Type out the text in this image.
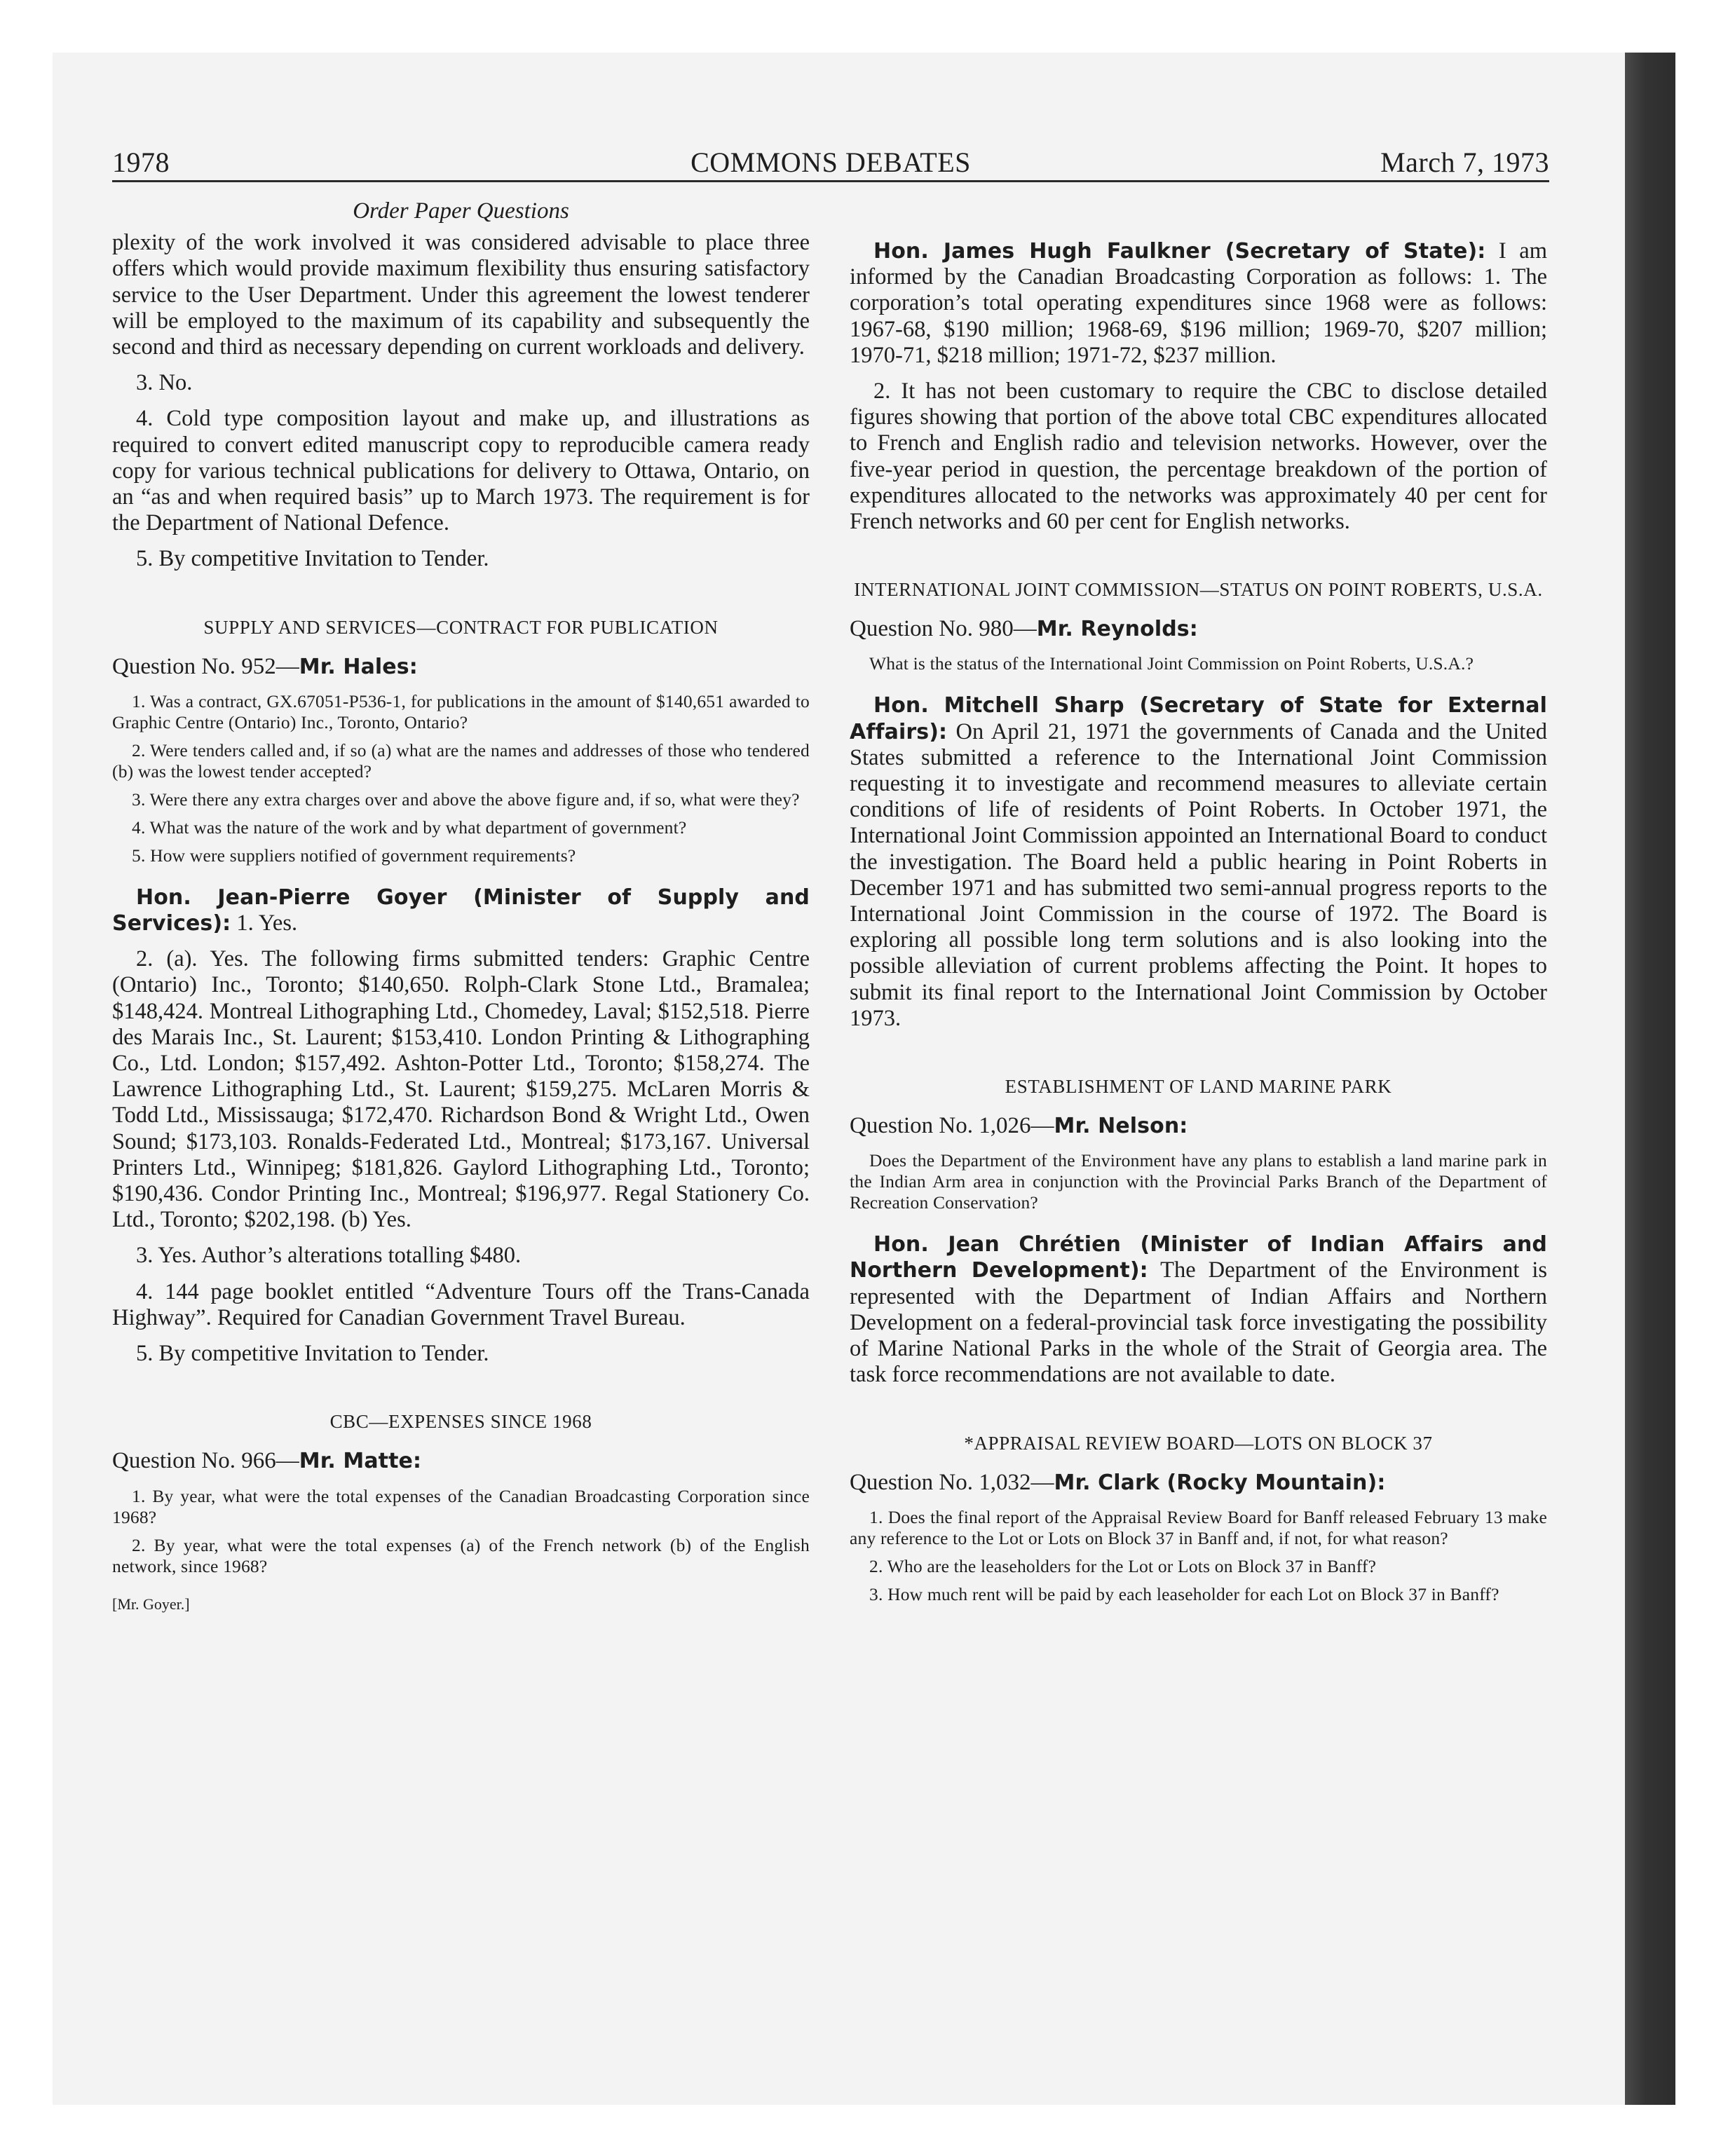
1978	COMMONS DEBATES	March 7, 1973
Order Paper Questions

plexity of the work involved it was considered advisable to place three offers which would provide maximum flexibility thus ensuring satisfactory service to the User Department. Under this agreement the lowest tenderer will be employed to the maximum of its capability and subsequently the second and third as necessary depending on current workloads and delivery.

3. No.

4. Cold type composition layout and make up, and illustrations as required to convert edited manuscript copy to reproducible camera ready copy for various technical publications for delivery to Ottawa, Ontario, on an “as and when required basis” up to March 1973. The requirement is for the Department of National Defence.

5. By competitive Invitation to Tender.

SUPPLY AND SERVICES—CONTRACT FOR PUBLICATION
Question No. 952—Mr. Hales:

1. Was a contract, GX.67051-P536-1, for publications in the amount of $140,651 awarded to Graphic Centre (Ontario) Inc., Toronto, Ontario?

2. Were tenders called and, if so (a) what are the names and addresses of those who tendered (b) was the lowest tender accepted?

3. Were there any extra charges over and above the above figure and, if so, what were they?

4. What was the nature of the work and by what department of government?

5. How were suppliers notified of government requirements?

Hon. Jean-Pierre Goyer (Minister of Supply and Services): 1. Yes.

2. (a). Yes. The following firms submitted tenders: Graphic Centre (Ontario) Inc., Toronto; $140,650. Rolph-Clark Stone Ltd., Bramalea; $148,424. Montreal Lithographing Ltd., Chomedey, Laval; $152,518. Pierre des Marais Inc., St. Laurent; $153,410. London Printing & Lithographing Co., Ltd. London; $157,492. Ashton-Potter Ltd., Toronto; $158,274. The Lawrence Lithographing Ltd., St. Laurent; $159,275. McLaren Morris & Todd Ltd., Mississauga; $172,470. Richardson Bond & Wright Ltd., Owen Sound; $173,103. Ronalds-Federated Ltd., Montreal; $173,167. Universal Printers Ltd., Winnipeg; $181,826. Gaylord Lithographing Ltd., Toronto; $190,436. Condor Printing Inc., Montreal; $196,977. Regal Stationery Co. Ltd., Toronto; $202,198. (b) Yes.

3. Yes. Author’s alterations totalling $480.

4. 144 page booklet entitled “Adventure Tours off the Trans-Canada Highway”. Required for Canadian Government Travel Bureau.

5. By competitive Invitation to Tender.

CBC—EXPENSES SINCE 1968
Question No. 966—Mr. Matte:

1. By year, what were the total expenses of the Canadian Broadcasting Corporation since 1968?

2. By year, what were the total expenses (a) of the French network (b) of the English network, since 1968?

[Mr. Goyer.]

Hon. James Hugh Faulkner (Secretary of State): I am informed by the Canadian Broadcasting Corporation as follows: 1. The corporation’s total operating expenditures since 1968 were as follows: 1967-68, $190 million; 1968-69, $196 million; 1969-70, $207 million; 1970-71, $218 million; 1971-72, $237 million.

2. It has not been customary to require the CBC to disclose detailed figures showing that portion of the above total CBC expenditures allocated to French and English radio and television networks. However, over the five-year period in question, the percentage breakdown of the portion of expenditures allocated to the networks was approximately 40 per cent for French networks and 60 per cent for English networks.

INTERNATIONAL JOINT COMMISSION—STATUS ON POINT ROBERTS, U.S.A.
Question No. 980—Mr. Reynolds:

What is the status of the International Joint Commission on Point Roberts, U.S.A.?

Hon. Mitchell Sharp (Secretary of State for External Affairs): On April 21, 1971 the governments of Canada and the United States submitted a reference to the International Joint Commission requesting it to investigate and recommend measures to alleviate certain conditions of life of residents of Point Roberts. In October 1971, the International Joint Commission appointed an International Board to conduct the investigation. The Board held a public hearing in Point Roberts in December 1971 and has submitted two semi-annual progress reports to the International Joint Commission in the course of 1972. The Board is exploring all possible long term solutions and is also looking into the possible alleviation of current problems affecting the Point. It hopes to submit its final report to the International Joint Commission by October 1973.

ESTABLISHMENT OF LAND MARINE PARK
Question No. 1,026—Mr. Nelson:

Does the Department of the Environment have any plans to establish a land marine park in the Indian Arm area in conjunction with the Provincial Parks Branch of the Department of Recreation Conservation?

Hon. Jean Chrétien (Minister of Indian Affairs and Northern Development): The Department of the Environment is represented with the Department of Indian Affairs and Northern Development on a federal-provincial task force investigating the possibility of Marine National Parks in the whole of the Strait of Georgia area. The task force recommendations are not available to date.

*APPRAISAL REVIEW BOARD—LOTS ON BLOCK 37
Question No. 1,032—Mr. Clark (Rocky Mountain):

1. Does the final report of the Appraisal Review Board for Banff released February 13 make any reference to the Lot or Lots on Block 37 in Banff and, if not, for what reason?

2. Who are the leaseholders for the Lot or Lots on Block 37 in Banff?

3. How much rent will be paid by each leaseholder for each Lot on Block 37 in Banff?
